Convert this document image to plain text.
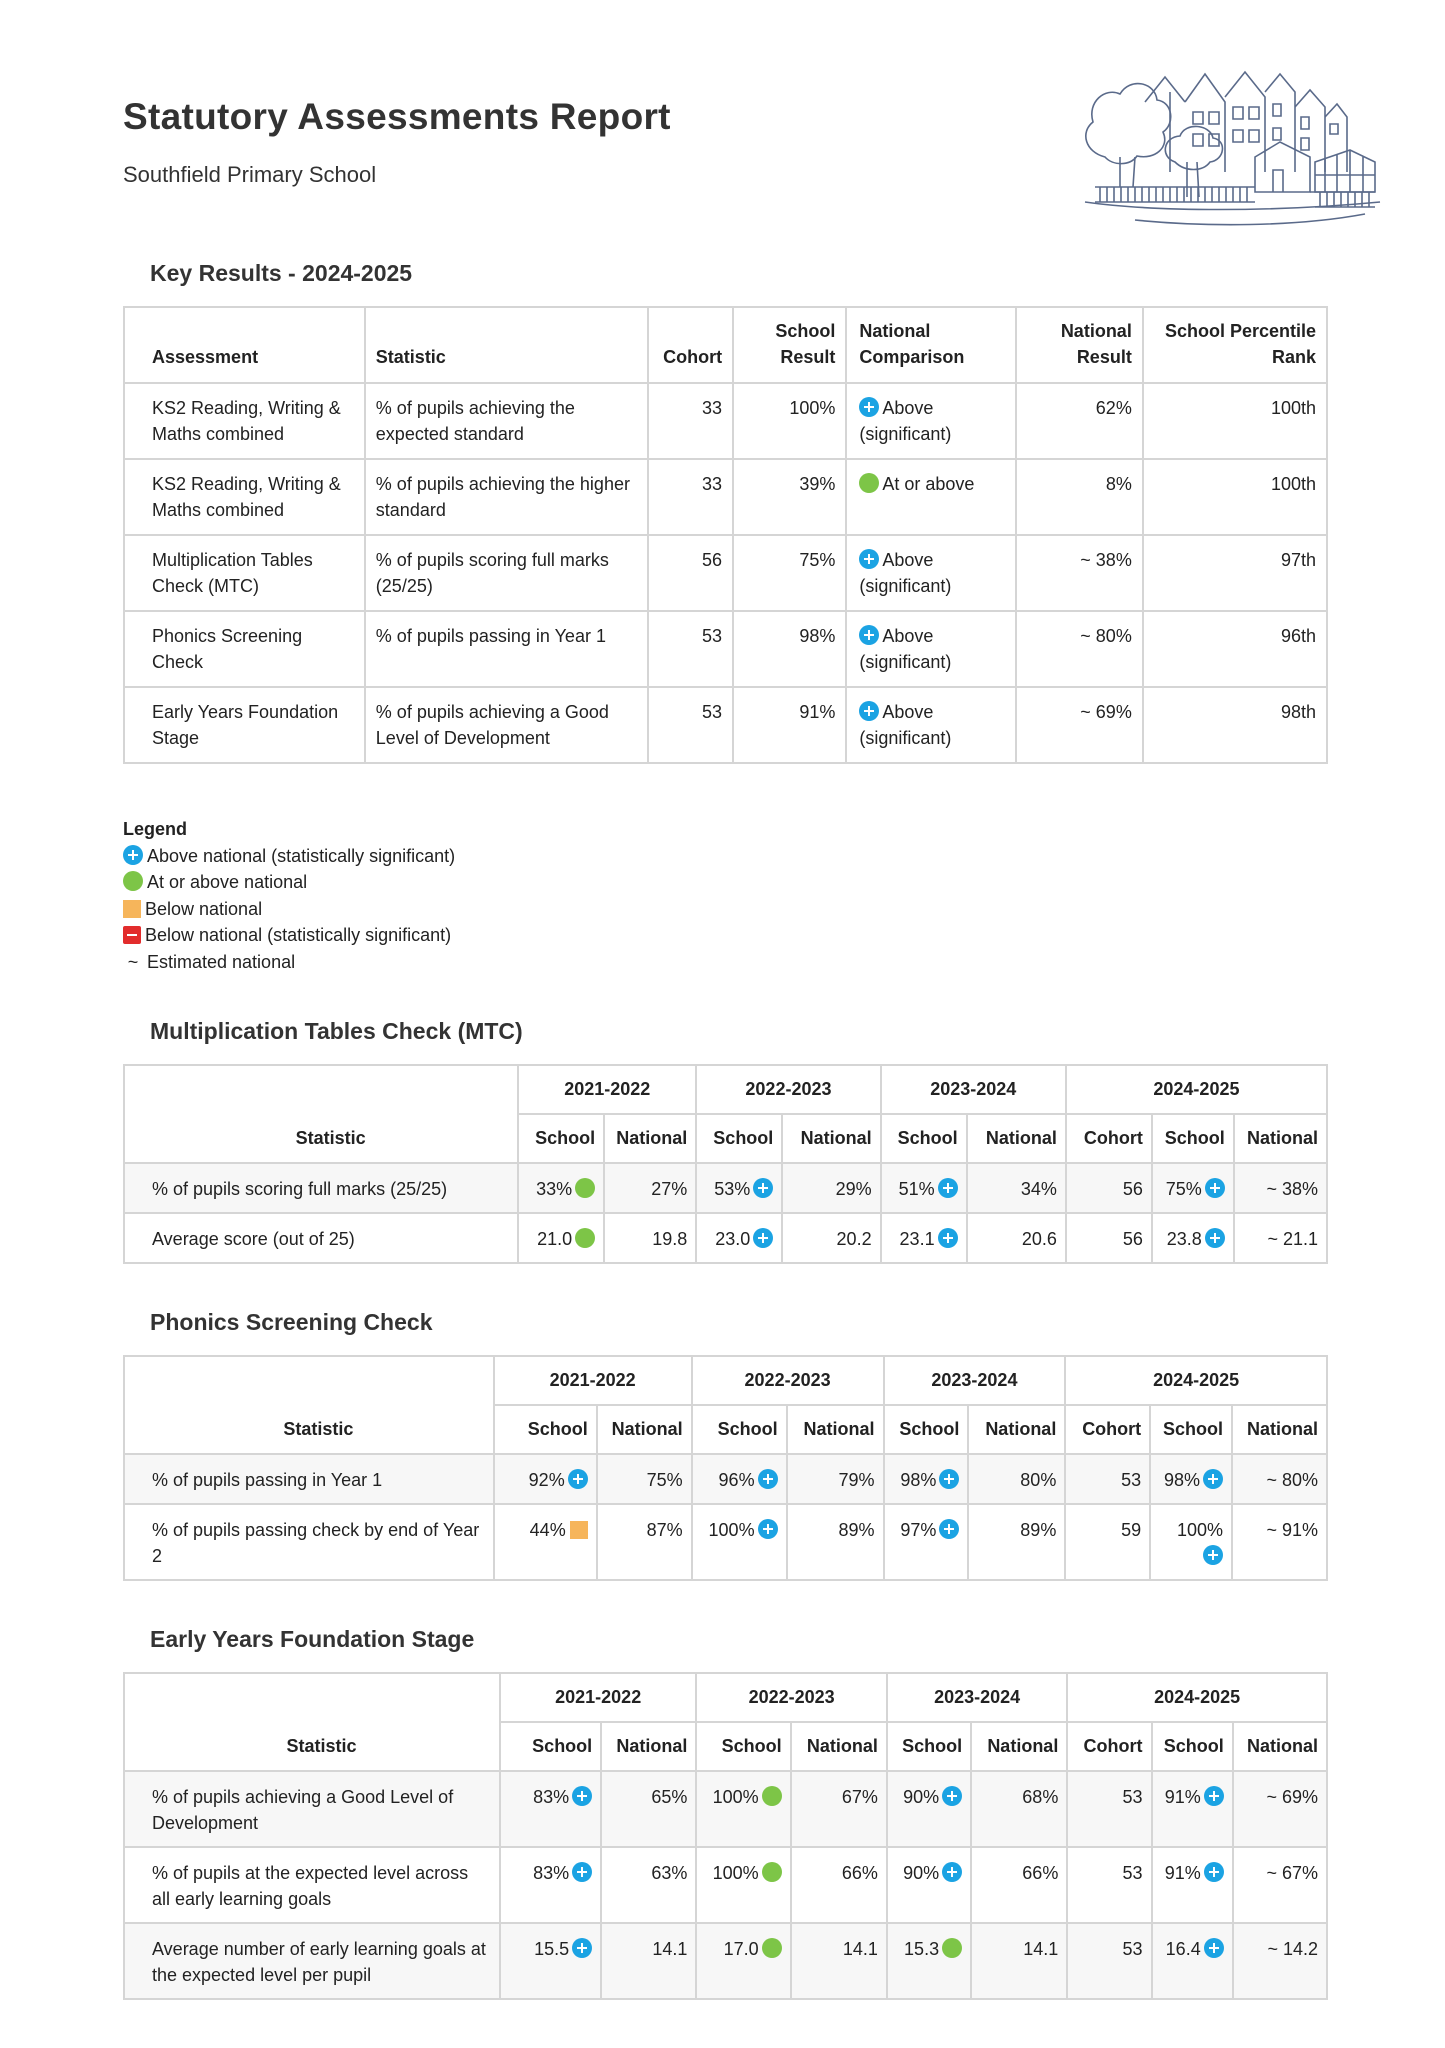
Statutory Assessments Report
Southfield Primary School
Key Results - 2024-2025
Assessment	Statistic	Cohort	School Result	National Comparison	National Result	School Percentile Rank
KS2 Reading, Writing & Maths combined	% of pupils achieving the expected standard	33	100%	Above (significant)	62%	100th
KS2 Reading, Writing & Maths combined	% of pupils achieving the higher standard	33	39%	At or above	8%	100th
Multiplication Tables Check (MTC)	% of pupils scoring full marks (25/25)	56	75%	Above (significant)	~ 38%	97th
Phonics Screening Check	% of pupils passing in Year 1	53	98%	Above (significant)	~ 80%	96th
Early Years Foundation Stage	% of pupils achieving a Good Level of Development	53	91%	Above (significant)	~ 69%	98th
Legend
Above national (statistically significant)
At or above national
Below national
Below national (statistically significant)
~ Estimated national
Multiplication Tables Check (MTC)
Statistic	2021-2022		2022-2023		2023-2024		2024-2025		
	School	National	School	National	School	National	Cohort	School	National
% of pupils scoring full marks (25/25)	33%	27%	53%	29%	51%	34%	56	75%	~ 38%
Average score (out of 25)	21.0	19.8	23.0	20.2	23.1	20.6	56	23.8	~ 21.1
Phonics Screening Check
Statistic	2021-2022		2022-2023		2023-2024		2024-2025		
	School	National	School	National	School	National	Cohort	School	National
% of pupils passing in Year 1	92%	75%	96%	79%	98%	80%	53	98%	~ 80%
% of pupils passing check by end of Year 2	44%	87%	100%	89%	97%	89%	59	100%	~ 91%
Early Years Foundation Stage
Statistic	2021-2022		2022-2023		2023-2024		2024-2025		
	School	National	School	National	School	National	Cohort	School	National
% of pupils achieving a Good Level of Development	83%	65%	100%	67%	90%	68%	53	91%	~ 69%
% of pupils at the expected level across all early learning goals	83%	63%	100%	66%	90%	66%	53	91%	~ 67%
Average number of early learning goals at the expected level per pupil	15.5	14.1	17.0	14.1	15.3	14.1	53	16.4	~ 14.2
